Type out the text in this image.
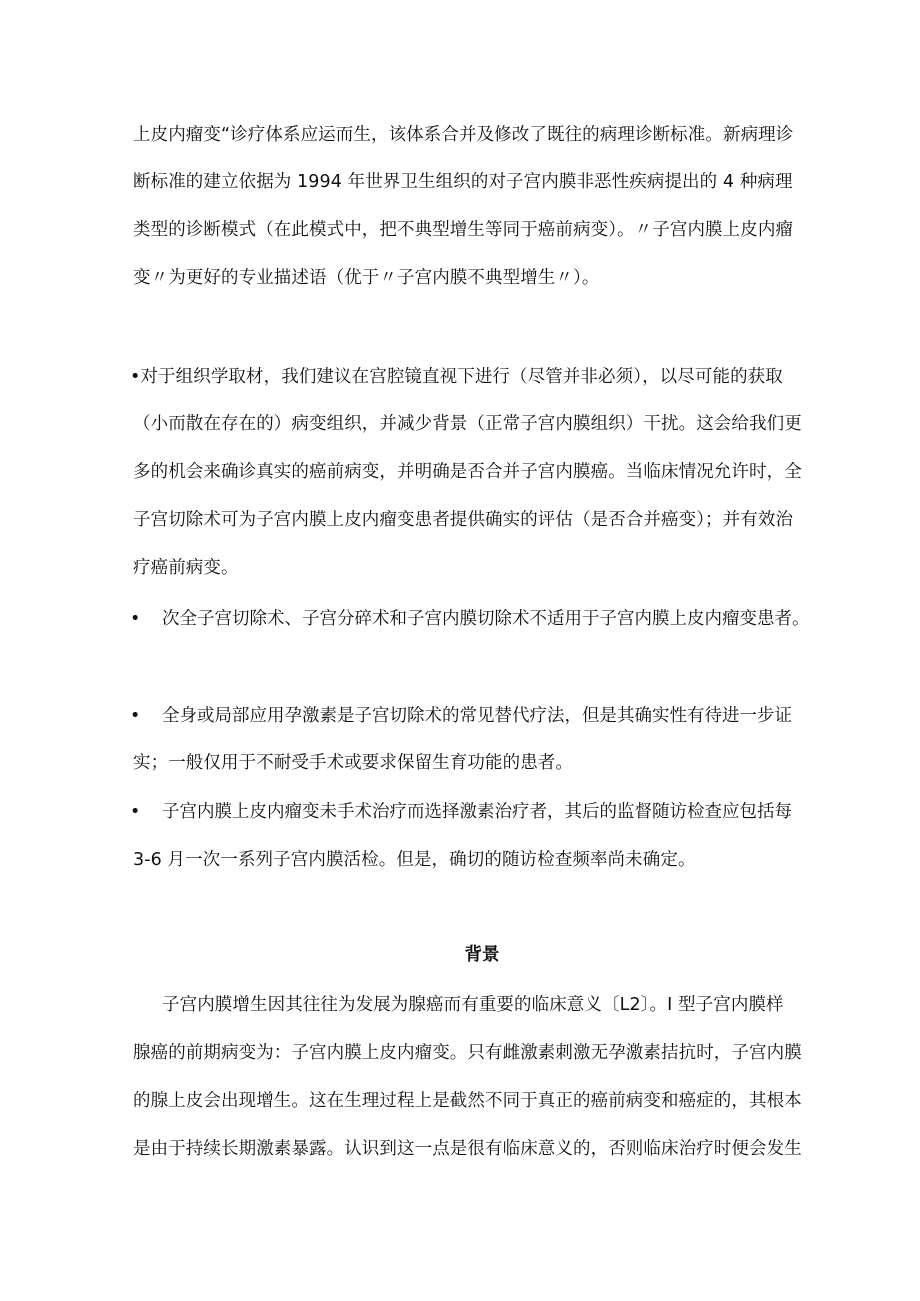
上皮内瘤变“诊疗体系应运而生，该体系合并及修改了既往的病理诊断标准。新病理诊
断标准的建立依据为 1994 年世界卫生组织的对子宫内膜非恶性疾病提出的 4 种病理
类型的诊断模式（在此模式中，把不典型增生等同于癌前病变）。〃子宫内膜上皮内瘤
变〃为更好的专业描述语（优于〃子宫内膜不典型增生〃）。
•对于组织学取材，我们建议在宫腔镜直视下进行（尽管并非必须），以尽可能的获取
（小而散在存在的）病变组织，并减少背景（正常子宫内膜组织）干扰。这会给我们更
多的机会来确诊真实的癌前病变，并明确是否合并子宫内膜癌。当临床情况允许时，全
子宫切除术可为子宫内膜上皮内瘤变患者提供确实的评估（是否合并癌变）；并有效治
疗癌前病变。
• 次全子宫切除术、子宫分碎术和子宫内膜切除术不适用于子宫内膜上皮内瘤变患者。
• 全身或局部应用孕激素是子宫切除术的常见替代疗法，但是其确实性有待进一步证
实；一般仅用于不耐受手术或要求保留生育功能的患者。
• 子宫内膜上皮内瘤变未手术治疗而选择激素治疗者，其后的监督随访检查应包括每
3-6 月一次一系列子宫内膜活检。但是，确切的随访检查频率尚未确定。
背景
子宫内膜增生因其往往为发展为腺癌而有重要的临床意义〔L2〕。I 型子宫内膜样
腺癌的前期病变为：子宫内膜上皮内瘤变。只有雌激素刺激无孕激素拮抗时，子宫内膜
的腺上皮会出现增生。这在生理过程上是截然不同于真正的癌前病变和癌症的，其根本
是由于持续长期激素暴露。认识到这一点是很有临床意义的，否则临床治疗时便会发生
